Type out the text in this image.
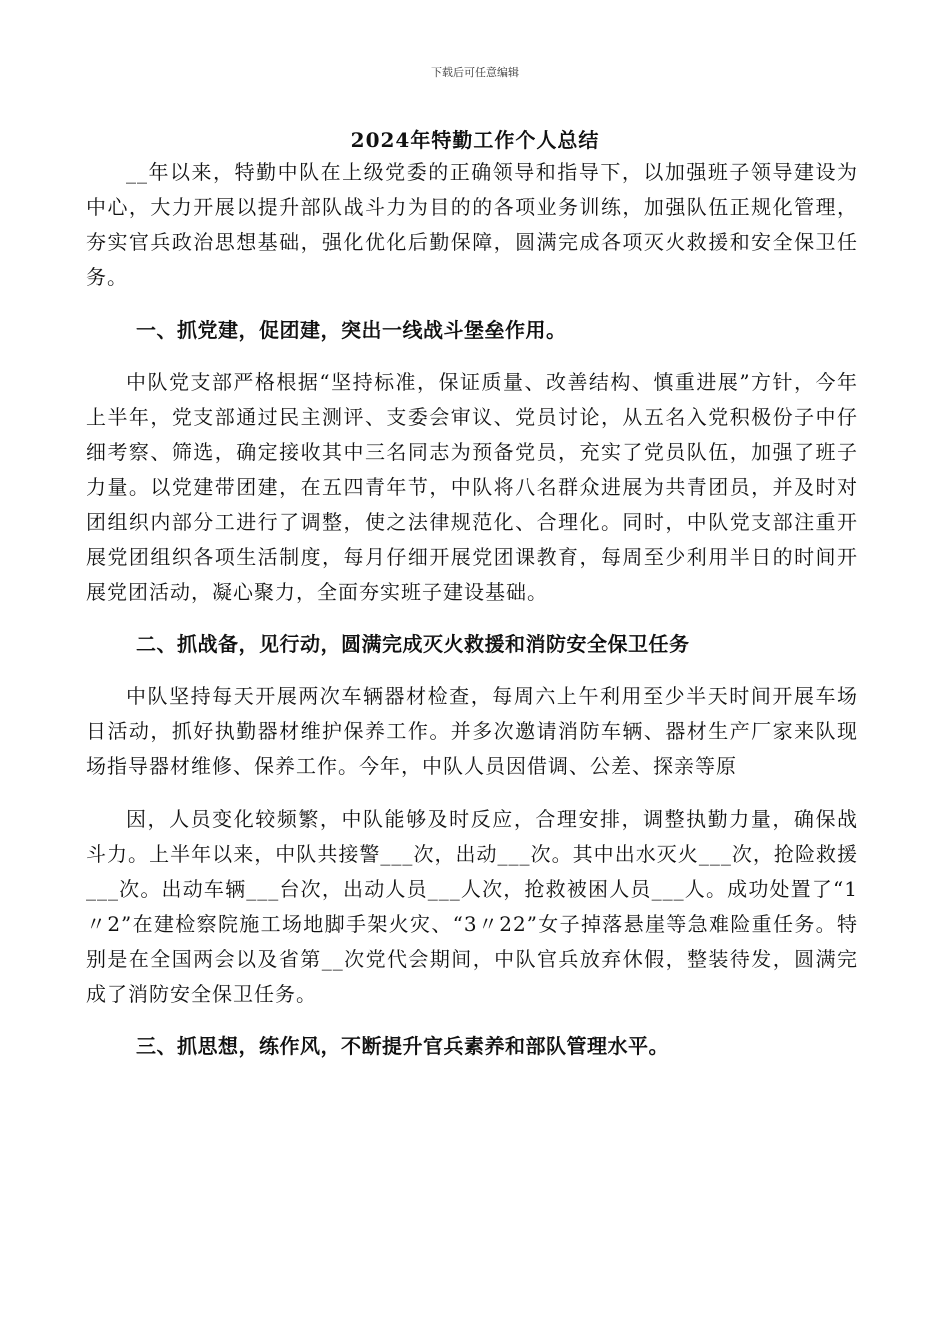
下载后可任意编辑
2024年特勤工作个人总结

__年以来，特勤中队在上级党委的正确领导和指导下，以加强班子领导建设为中心，大力开展以提升部队战斗力为目的的各项业务训练，加强队伍正规化管理，夯实官兵政治思想基础，强化优化后勤保障，圆满完成各项灭火救援和安全保卫任务。

一、抓党建，促团建，突出一线战斗堡垒作用。

中队党支部严格根据“坚持标准，保证质量、改善结构、慎重进展”方针，今年上半年，党支部通过民主测评、支委会审议、党员讨论，从五名入党积极份子中仔细考察、筛选，确定接收其中三名同志为预备党员，充实了党员队伍，加强了班子力量。以党建带团建，在五四青年节，中队将八名群众进展为共青团员，并及时对团组织内部分工进行了调整，使之法律规范化、合理化。同时，中队党支部注重开展党团组织各项生活制度，每月仔细开展党团课教育，每周至少利用半日的时间开展党团活动，凝心聚力，全面夯实班子建设基础。

二、抓战备，见行动，圆满完成灭火救援和消防安全保卫任务

中队坚持每天开展两次车辆器材检查，每周六上午利用至少半天时间开展车场日活动，抓好执勤器材维护保养工作。并多次邀请消防车辆、器材生产厂家来队现场指导器材维修、保养工作。今年，中队人员因借调、公差、探亲等原

因，人员变化较频繁，中队能够及时反应，合理安排，调整执勤力量，确保战斗力。上半年以来，中队共接警___次，出动___次。其中出水灭火___次，抢险救援___次。出动车辆___台次，出动人员___人次，抢救被困人员___人。成功处置了“1〃2”在建检察院施工场地脚手架火灾、“3〃22”女子掉落悬崖等急难险重任务。特别是在全国两会以及省第__次党代会期间，中队官兵放弃休假，整装待发，圆满完成了消防安全保卫任务。

三、抓思想，练作风，不断提升官兵素养和部队管理水平。
